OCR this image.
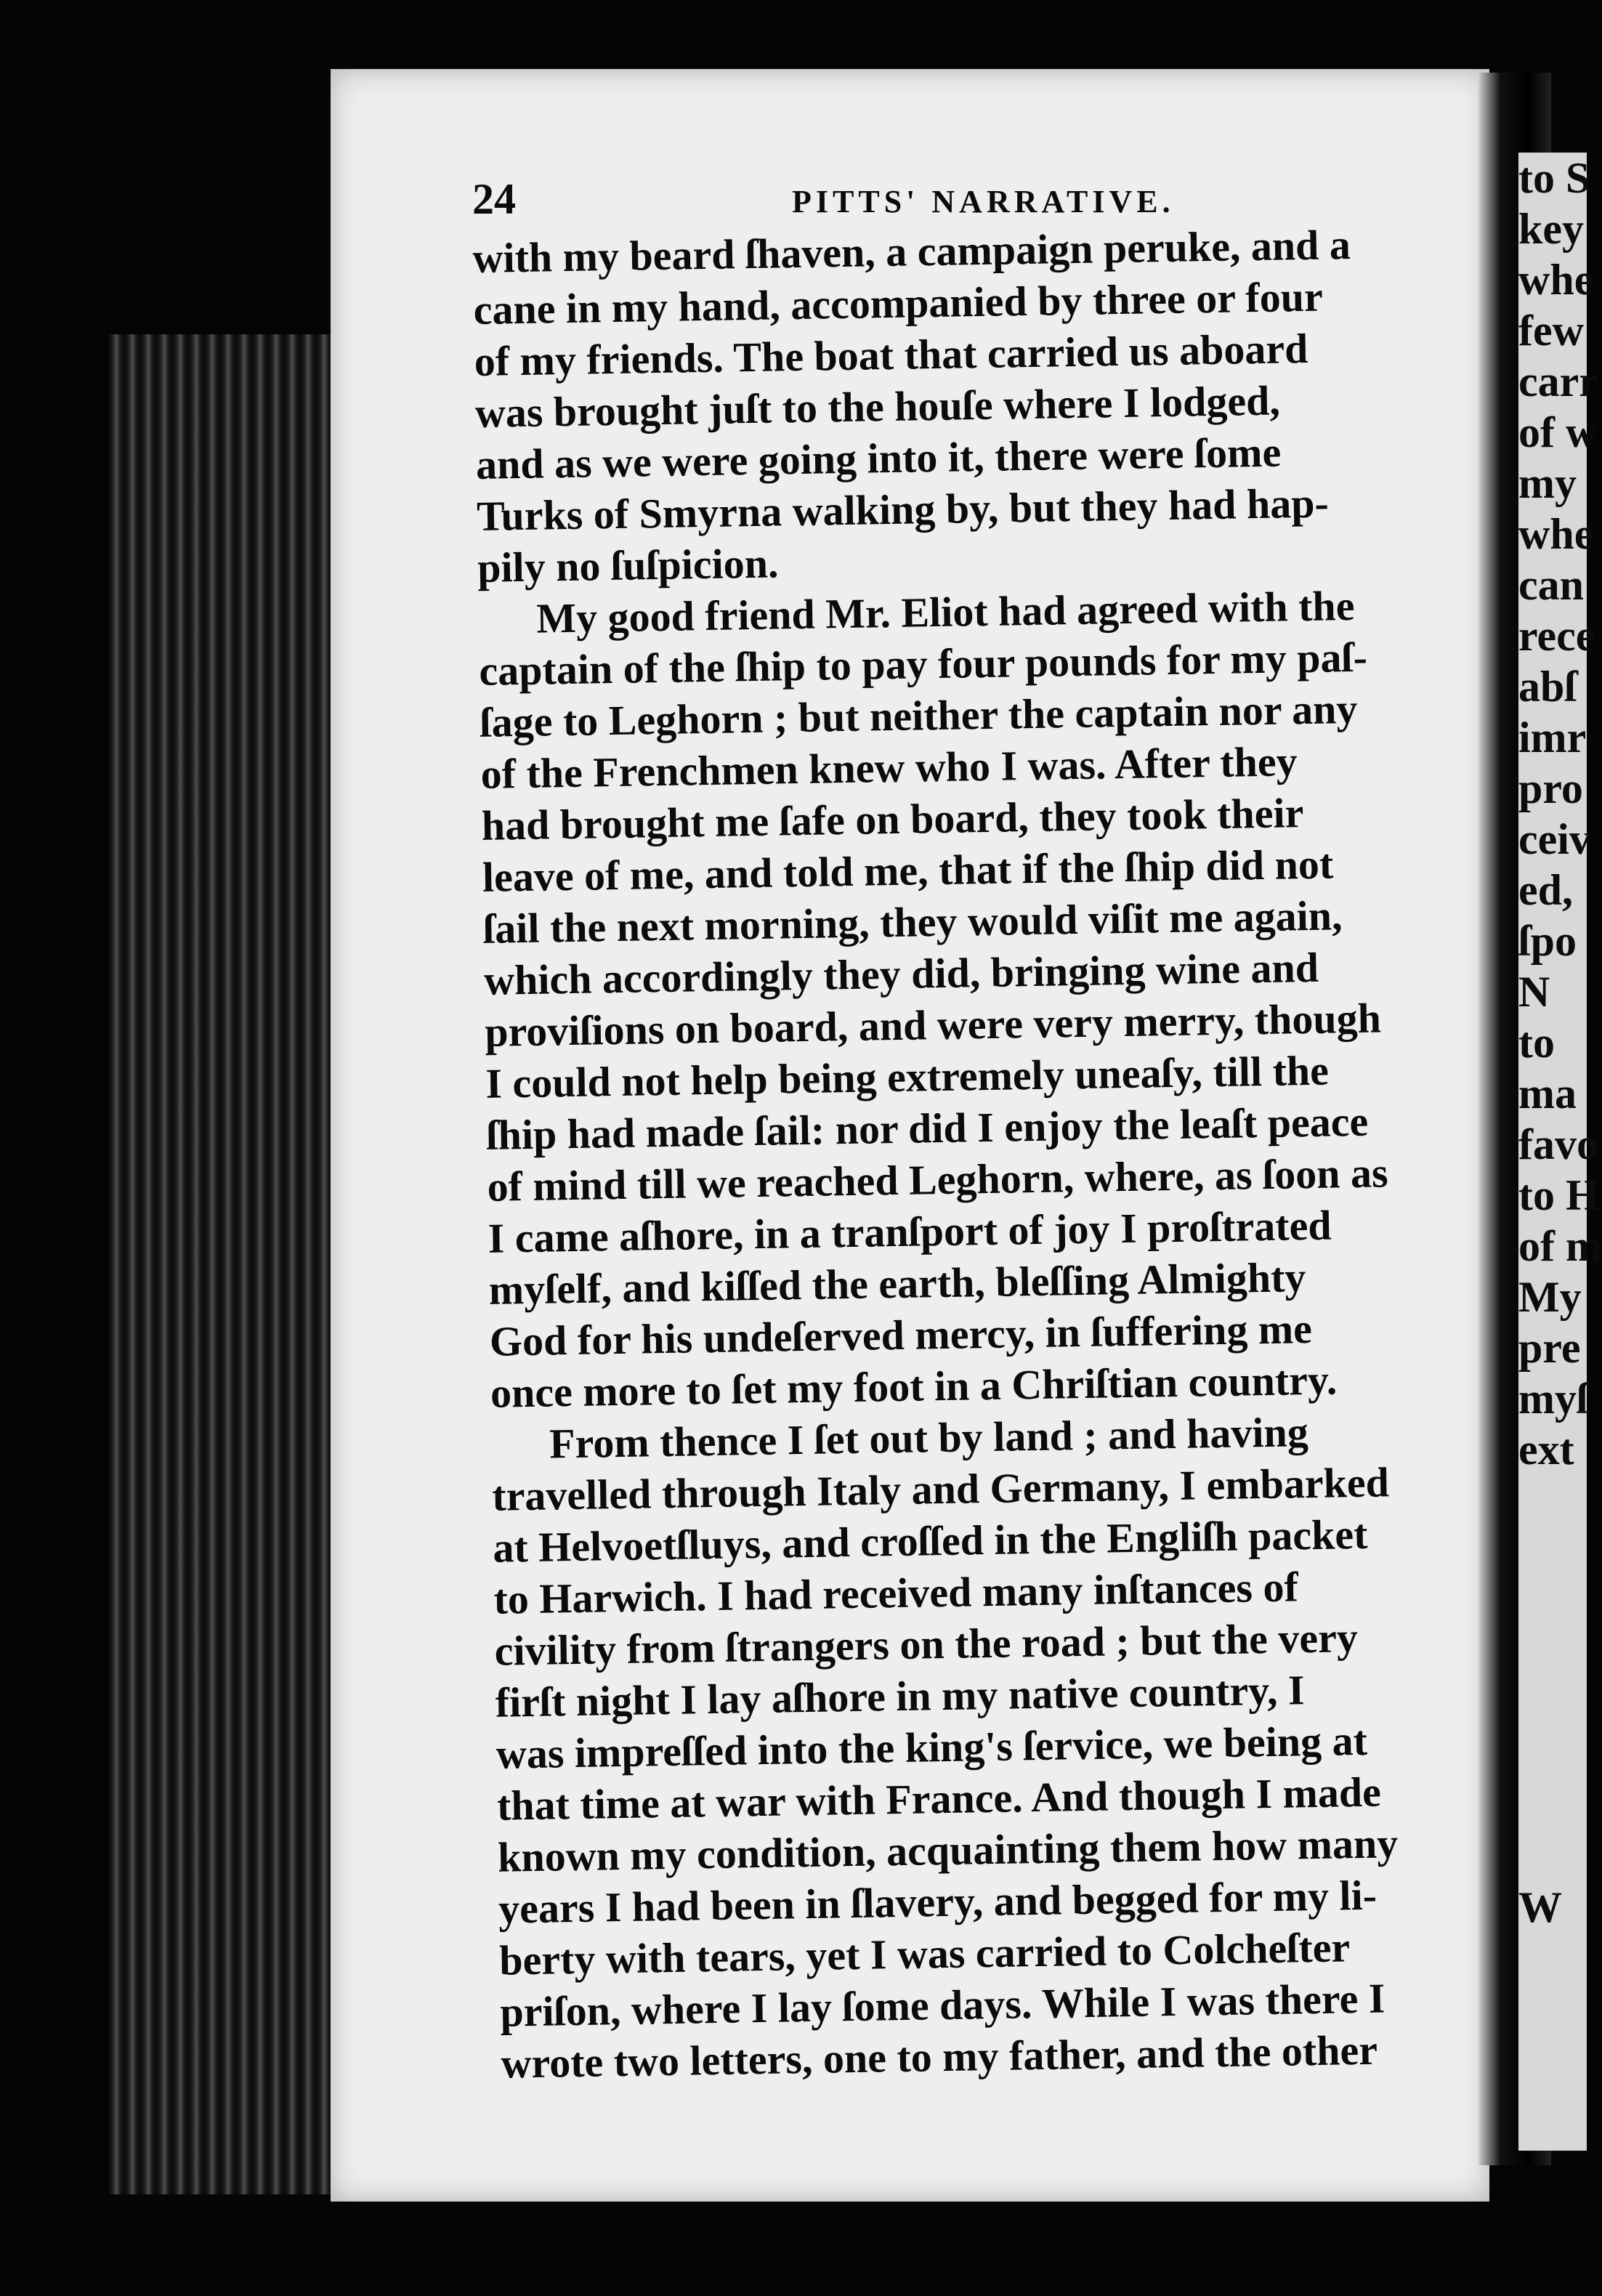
to S
key
whe
few
carr
of w
my
whe
can
rece
abſ
imr
pro
ceiv
ed,
ſpo
N
to
ma
favo
to H
of m
My
pre
myſ
ext

W
24	PITTS' NARRATIVE.
with my beard ſhaven, a campaign peruke, and a
cane in my hand, accompanied by three or four
of my friends. The boat that carried us aboard
was brought juſt to the houſe where I lodged,
and as we were going into it, there were ſome
Turks of Smyrna walking by, but they had hap-
pily no ſuſpicion.
My good friend Mr. Eliot had agreed with the
captain of the ſhip to pay four pounds for my paſ-
ſage to Leghorn ; but neither the captain nor any
of the Frenchmen knew who I was. After they
had brought me ſafe on board, they took their
leave of me, and told me, that if the ſhip did not
ſail the next morning, they would viſit me again,
which accordingly they did, bringing wine and
proviſions on board, and were very merry, though
I could not help being extremely uneaſy, till the
ſhip had made ſail: nor did I enjoy the leaſt peace
of mind till we reached Leghorn, where, as ſoon as
I came aſhore, in a tranſport of joy I proſtrated
myſelf, and kiſſed the earth, bleſſing Almighty
God for his undeſerved mercy, in ſuffering me
once more to ſet my foot in a Chriſtian country.
From thence I ſet out by land ; and having
travelled through Italy and Germany, I embarked
at Helvoetſluys, and croſſed in the Engliſh packet
to Harwich. I had received many inſtances of
civility from ſtrangers on the road ; but the very
firſt night I lay aſhore in my native country, I
was impreſſed into the king's ſervice, we being at
that time at war with France. And though I made
known my condition, acquainting them how many
years I had been in ſlavery, and begged for my li-
berty with tears, yet I was carried to Colcheſter
priſon, where I lay ſome days. While I was there I
wrote two letters, one to my father, and the other
